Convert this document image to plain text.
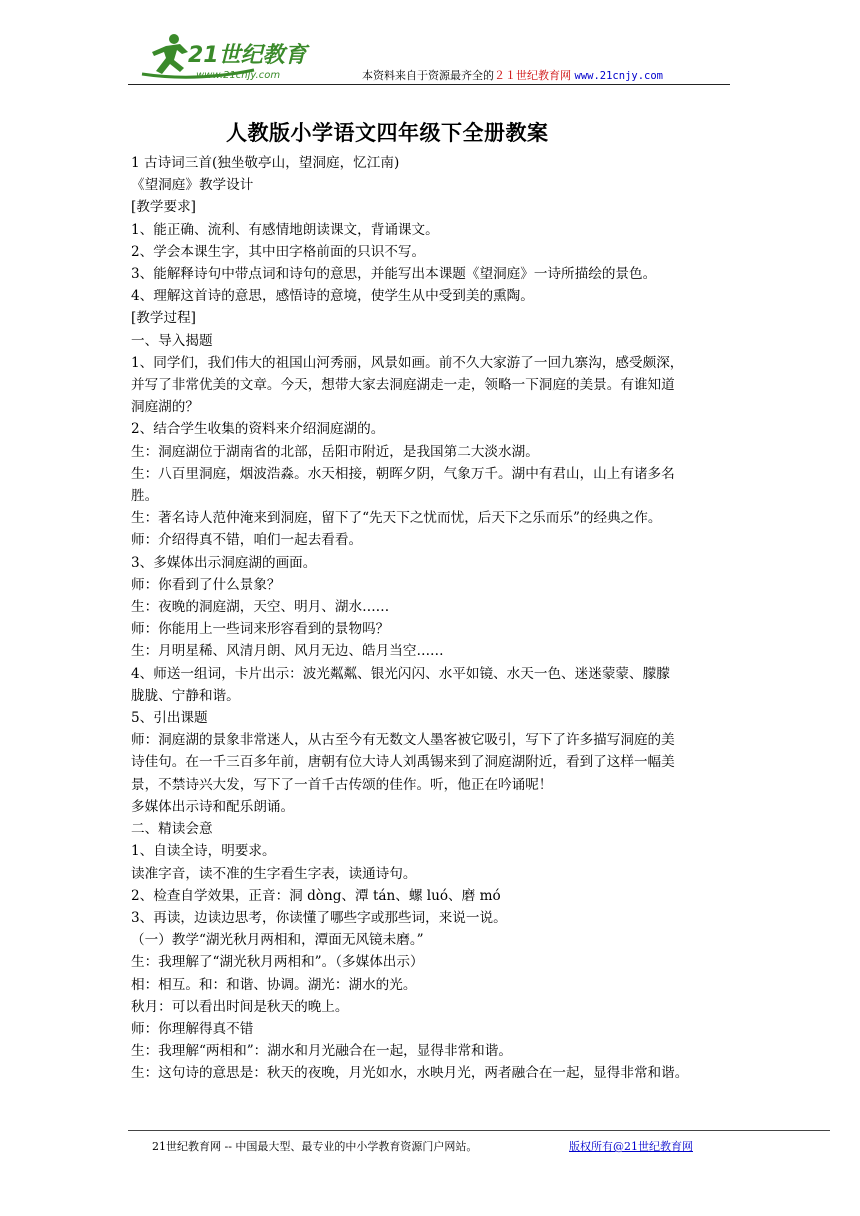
21世纪教育
www.21cnjy.com	本资料来自于资源最齐全的２１世纪教育网 www.21cnjy.com
人教版小学语文四年级下全册教案
1 古诗词三首(独坐敬亭山，望洞庭，忆江南)
《望洞庭》教学设计
[教学要求]
1、能正确、流利、有感情地朗读课文，背诵课文。
2、学会本课生字，其中田字格前面的只识不写。
3、能解释诗句中带点词和诗句的意思，并能写出本课题《望洞庭》一诗所描绘的景色。
4、理解这首诗的意思，感悟诗的意境，使学生从中受到美的熏陶。
[教学过程]
一、导入揭题
1、同学们，我们伟大的祖国山河秀丽，风景如画。前不久大家游了一回九寨沟，感受颇深，
并写了非常优美的文章。今天，想带大家去洞庭湖走一走，领略一下洞庭的美景。有谁知道
洞庭湖的？
2、结合学生收集的资料来介绍洞庭湖的。
生：洞庭湖位于湖南省的北部，岳阳市附近，是我国第二大淡水湖。
生：八百里洞庭，烟波浩淼。水天相接，朝晖夕阴，气象万千。湖中有君山，山上有诸多名
胜。
生：著名诗人范仲淹来到洞庭，留下了“先天下之忧而忧，后天下之乐而乐”的经典之作。
师：介绍得真不错，咱们一起去看看。
3、多媒体出示洞庭湖的画面。
师：你看到了什么景象？
生：夜晚的洞庭湖，天空、明月、湖水……
师：你能用上一些词来形容看到的景物吗？
生：月明星稀、风清月朗、风月无边、皓月当空……
4、师送一组词，卡片出示：波光粼粼、银光闪闪、水平如镜、水天一色、迷迷蒙蒙、朦朦
胧胧、宁静和谐。
5、引出课题
师：洞庭湖的景象非常迷人，从古至今有无数文人墨客被它吸引，写下了许多描写洞庭的美
诗佳句。在一千三百多年前，唐朝有位大诗人刘禹锡来到了洞庭湖附近，看到了这样一幅美
景，不禁诗兴大发，写下了一首千古传颂的佳作。听，他正在吟诵呢！
多媒体出示诗和配乐朗诵。
二、精读会意
1、自读全诗，明要求。
读准字音，读不准的生字看生字表，读通诗句。
2、检查自学效果，正音：洞 dòng、潭 tán、螺 luó、磨 mó
3、再读，边读边思考，你读懂了哪些字或那些词，来说一说。
（一）教学“湖光秋月两相和，潭面无风镜未磨。”
生：我理解了“湖光秋月两相和”。（多媒体出示）
相：相互。和：和谐、协调。湖光：湖水的光。
秋月：可以看出时间是秋天的晚上。
师：你理解得真不错
生：我理解“两相和”：湖水和月光融合在一起，显得非常和谐。
生：这句诗的意思是：秋天的夜晚，月光如水，水映月光，两者融合在一起，显得非常和谐。
21世纪教育网 -- 中国最大型、最专业的中小学教育资源门户网站。	版权所有@21世纪教育网
